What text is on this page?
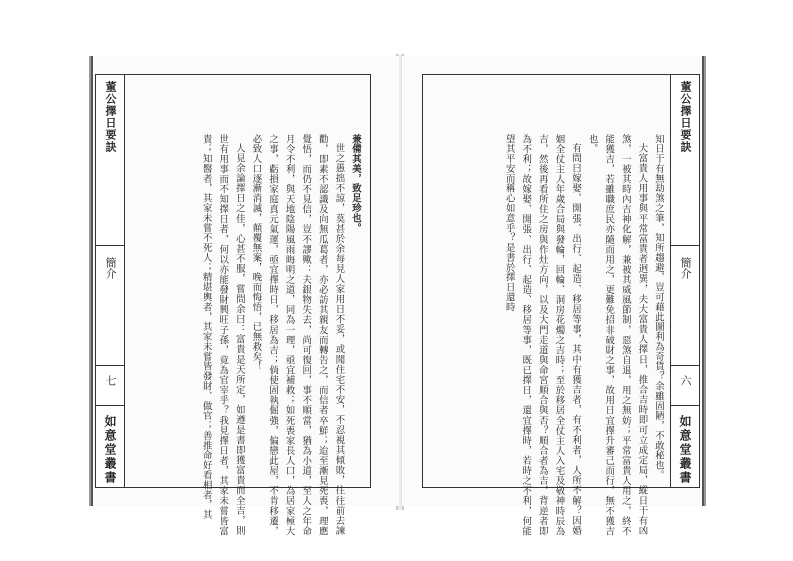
兼備其美，致足珍也。

世之愚拙不諒，莫甚於余每見人家用日不妥，或聞住宅不安，不忍視其傾敗，往往前去諫勸，即素不認識及向無瓜葛者，亦必訪其親友而轉告之，而信者卒鮮；迨至漸見死喪，理應覺悟，而仍不見信，豈不謬歟：夫銀物失去，尚可復回，事不順當，猶為小道，至人之年命月令不利，與天地陰陽風雨晦明之道，同為一理，亟宜補救；如死喪家長人口，為居家極大之事，虧損家庭真元氣運，亟宜擇時日，移居為吉；倘使固執倔強，偏戀此屋，不肯移遷，必致人口逐漸消滅，顛覆無案，晚而悔悟，已無救矣！

人見余論擇日之佳，心甚不服，嘗問余曰：富貴是天所定，如遵是書即獲富貴而全吉，則世有用事而不知擇日者，何以亦能發財興旺子孫，竟為官宰乎？我見擇日者，其家未嘗皆富貴；知醫者，其家未嘗不死人；精堪輿者，其家未嘗皆發財、做官；善推命好看相者，其

董公擇日要訣
簡介
七
如意堂叢書	知日干有無劫煞之筆，知所趨避，豈可藉此圖利為奇貨？余雖固陋，不敢秘也。

大富貴人用事與平常富貴者迥異，夫大富貴人擇日，推合吉時即可立成定局，縱日干有凶煞，一被其時內吉神化解，兼被其威風節制，惡煞自退，用之無妨；平常富貴人用之，終不能獲吉，若雖職庶民亦隨而用之，更難免招非破財之事，故用日宜擇升審己而行，無不獲吉也。

有問曰嫁娶、開張、出行、起造、移居等事，其中有獲吉者，有不利者，人所不解？因婚姻全仗主人年歲合局與發輪，回輪、洞房花燭之吉時；至於移居全仗主人入宅及敬神時辰為吉，然後再看所住之房與作灶方向，以及大門走道與命宮順合與否？順合者為吉，背逆者即為不利；故嫁娶、開張、出行、起造、移居等事，既已擇日，還宜擇時，若時之不利，何能望其平安而稱心如意乎？是書於擇日還時

董公擇日要訣
簡介
六
如意堂叢書
